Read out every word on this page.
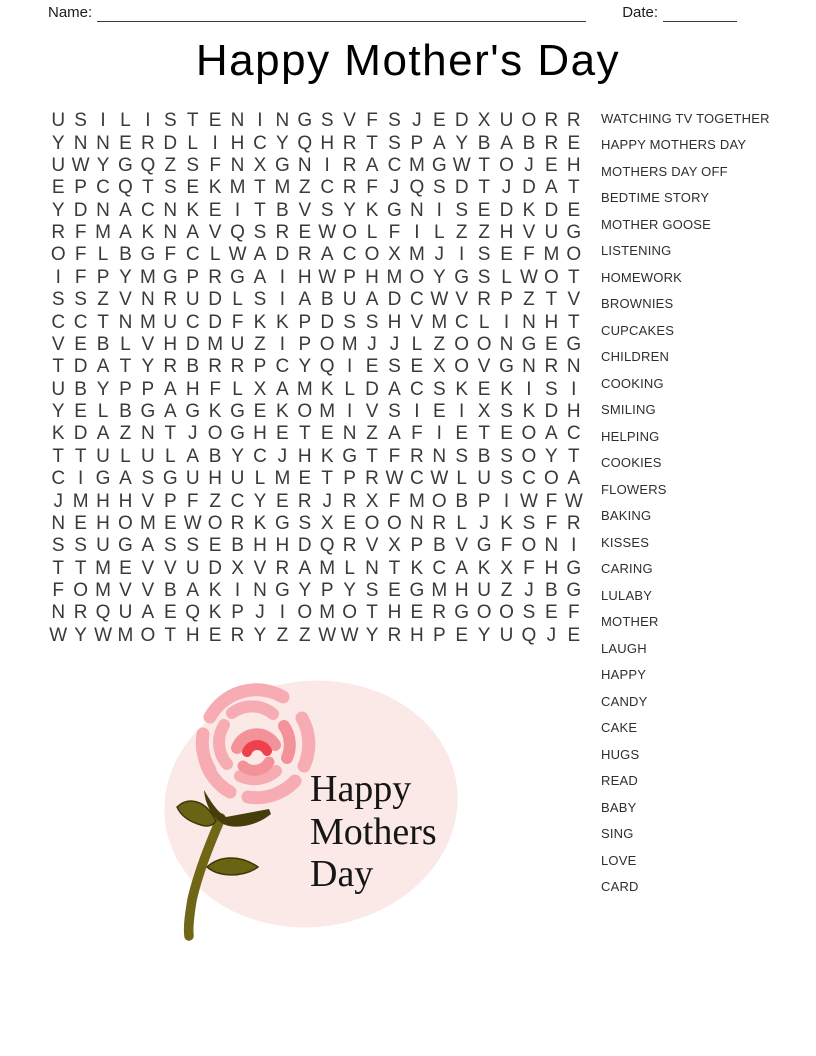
Name:	Date:
Happy Mother's Day
U S I L I S T E N I N G S V F S J E D X U O R R
Y N N E R D L I H C Y Q H R T S P A Y B A B R E
U W Y G Q Z S F N X G N I R A C M G W T O J E H
E P C Q T S E K M T M Z C R F J Q S D T J D A T
Y D N A C N K E I T B V S Y K G N I S E D K D E
R F M A K N A V Q S R E W O L F I L Z Z H V U G
O F L B G F C L W A D R A C O X M J I S E F M O
I F P Y M G P R G A I H W P H M O Y G S L W O T
S S Z V N R U D L S I A B U A D C W V R P Z T V
C C T N M U C D F K K P D S S H V M C L I N H T
V E B L V H D M U Z I P O M J J L Z O O N G E G
T D A T Y R B R R P C Y Q I E S E X O V G N R N
U B Y P P A H F L X A M K L D A C S K E K I S I
Y E L B G A G K G E K O M I V S I E I X S K D H
K D A Z N T J O G H E T E N Z A F I E T E O A C
T T U L U L A B Y C J H K G T F R N S B S O Y T
C I G A S G U H U L M E T P R W C W L U S C O A
J M H H V P F Z C Y E R J R X F M O B P I W F W
N E H O M E W O R K G S X E O O N R L J K S F R
S S U G A S S E B H H D Q R V X P B V G F O N I
T T M E V V U D X V R A M L N T K C A K X F H G
F O M V V B A K I N G Y P Y S E G M H U Z J B G
N R Q U A E Q K P J I O M O T H E R G O O S E F
W Y W M O T H E R Y Z Z W W Y R H P E Y U Q J E
WATCHING TV TOGETHER
HAPPY MOTHERS DAY
MOTHERS DAY OFF
BEDTIME STORY
MOTHER GOOSE
LISTENING
HOMEWORK
BROWNIES
CUPCAKES
CHILDREN
COOKING
SMILING
HELPING
COOKIES
FLOWERS
BAKING
KISSES
CARING
LULABY
MOTHER
LAUGH
HAPPY
CANDY
CAKE
HUGS
READ
BABY
SING
LOVE
CARD
Happy
Mothers
Day
